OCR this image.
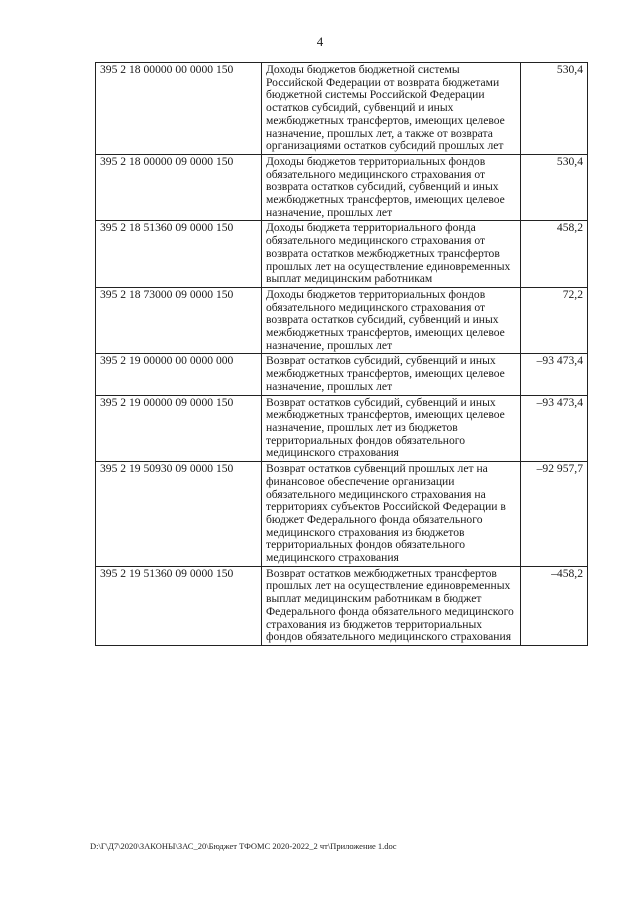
4
395 2 18 00000 00 0000 150	Доходы бюджетов бюджетной системы Российской Федерации от возврата бюджетами бюджетной системы Российской Федерации остатков субсидий, субвенций и иных межбюджетных трансфертов, имеющих целевое назначение, прошлых лет, а также от возврата организациями остатков субсидий прошлых лет	530,4
395 2 18 00000 09 0000 150	Доходы бюджетов территориальных фондов обязательного медицинского страхования от возврата остатков субсидий, субвенций и иных межбюджетных трансфертов, имеющих целевое назначение, прошлых лет	530,4
395 2 18 51360 09 0000 150	Доходы бюджета территориального фонда обязательного медицинского страхования от возврата остатков межбюджетных трансфертов прошлых лет на осуществление единовременных выплат медицинским работникам	458,2
395 2 18 73000 09 0000 150	Доходы бюджетов территориальных фондов обязательного медицинского страхования от возврата остатков субсидий, субвенций и иных межбюджетных трансфертов, имеющих целевое назначение, прошлых лет	72,2
395 2 19 00000 00 0000 000	Возврат остатков субсидий, субвенций и иных межбюджетных трансфертов, имеющих целевое назначение, прошлых лет	–93 473,4
395 2 19 00000 09 0000 150	Возврат остатков субсидий, субвенций и иных межбюджетных трансфертов, имеющих целевое назначение, прошлых лет из бюджетов территориальных фондов обязательного медицинского страхования	–93 473,4
395 2 19 50930 09 0000 150	Возврат остатков субвенций прошлых лет на финансовое обеспечение организации обязательного медицинского страхования на территориях субъектов Российской Федерации в бюджет Федерального фонда обязательного медицинского страхования из бюджетов территориальных фондов обязательного медицинского страхования	–92 957,7
395 2 19 51360 09 0000 150	Возврат остатков межбюджетных трансфертов прошлых лет на осуществление единовременных выплат медицинским работникам в бюджет Федерального фонда обязательного медицинского страхования из бюджетов территориальных фондов обязательного медицинского страхования	–458,2
D:\Г\Д7\2020\ЗАКОНЫ\ЗАС_20\Бюджет ТФОМС 2020-2022_2 чт\Приложение 1.doc
